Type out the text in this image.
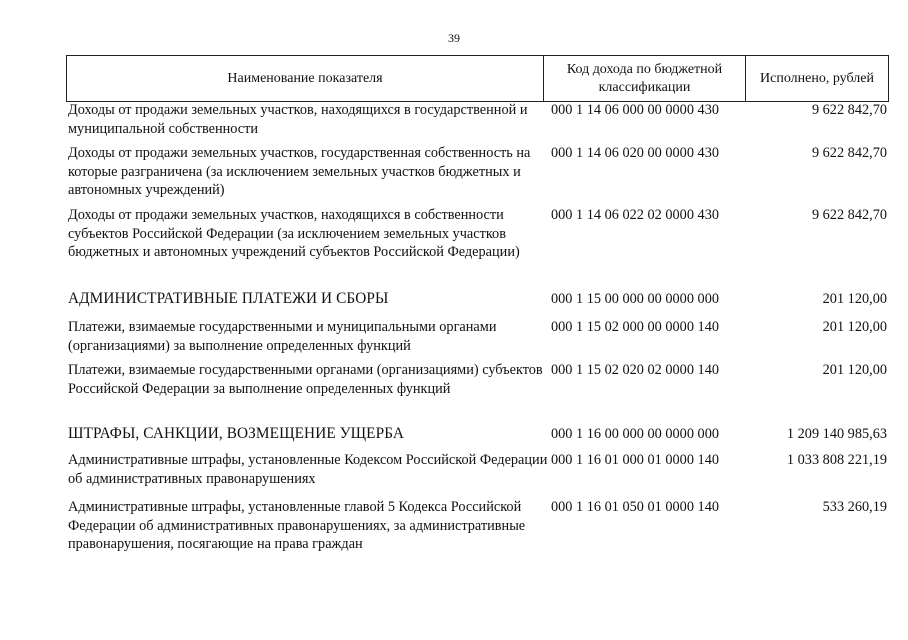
39
Наименование показателя
Код дохода по бюджетной классификации
Исполнено, рублей
Доходы от продажи земельных участков, находящихся в государственной и муниципальной собственности
000 1 14 06 000 00 0000 430	9 622 842,70
Доходы от продажи земельных участков, государственная собственность на которые разграничена (за исключением земельных участков бюджетных и автономных учреждений)
000 1 14 06 020 00 0000 430	9 622 842,70
Доходы от продажи земельных участков, находящихся в собственности субъектов Российской Федерации (за исключением земельных участков бюджетных и автономных учреждений субъектов Российской Федерации)
000 1 14 06 022 02 0000 430	9 622 842,70
АДМИНИСТРАТИВНЫЕ ПЛАТЕЖИ И СБОРЫ	000 1 15 00 000 00 0000 000	201 120,00
Платежи, взимаемые государственными и муниципальными органами (организациями) за выполнение определенных функций
000 1 15 02 000 00 0000 140	201 120,00
Платежи, взимаемые государственными органами (организациями) субъектов Российской Федерации за выполнение определенных функций
000 1 15 02 020 02 0000 140	201 120,00
ШТРАФЫ, САНКЦИИ, ВОЗМЕЩЕНИЕ УЩЕРБА	000 1 16 00 000 00 0000 000	1 209 140 985,63
Административные штрафы, установленные Кодексом Российской Федерации об административных правонарушениях
000 1 16 01 000 01 0000 140	1 033 808 221,19
Административные штрафы, установленные главой 5 Кодекса Российской Федерации об административных правонарушениях, за административные правонарушения, посягающие на права граждан
000 1 16 01 050 01 0000 140	533 260,19
